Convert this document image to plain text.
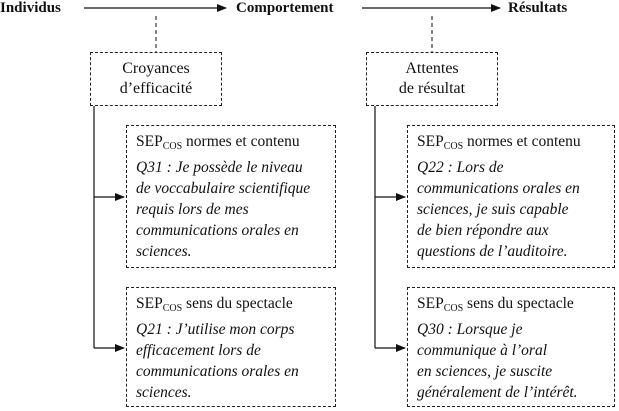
Individus	Comportement	Résultats
Croyances
d’efficacité
Attentes
de résultat
$SEP_{COS}$ normes et contenu
Q31 : Je possède le niveau
de voccabulaire scientifique
requis lors de mes
communications orales en
sciences.
$SEP_{COS}$ sens du spectacle
Q21 : J’utilise mon corps
efficacement lors de
communications orales en
sciences.
$SEP_{COS}$ normes et contenu
Q22 : Lors de
communications orales en
sciences, je suis capable
de bien répondre aux
questions de l’auditoire.
$SEP_{COS}$ sens du spectacle
Q30 : Lorsque je
communique à l’oral
en sciences, je suscite
généralement de l’intérêt.
